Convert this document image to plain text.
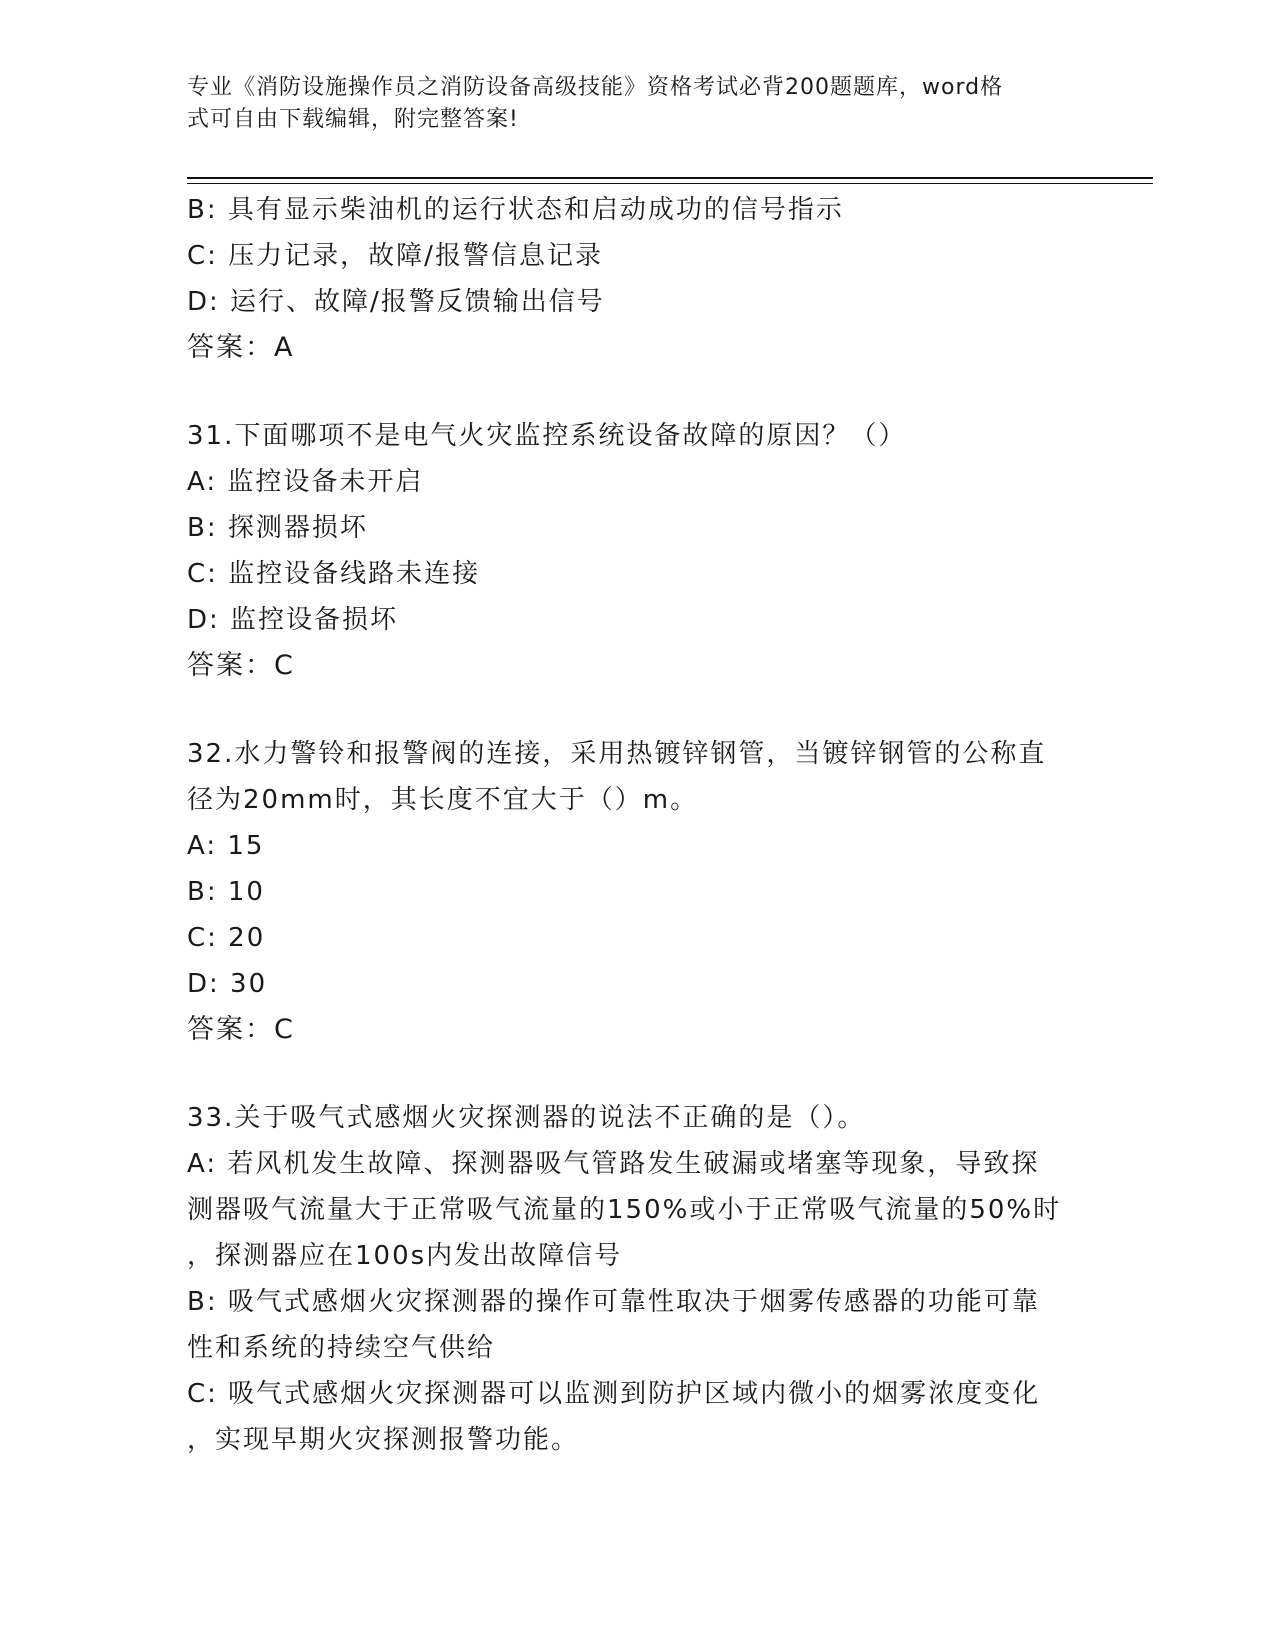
专业《消防设施操作员之消防设备高级技能》资格考试必背200题题库，word格
式可自由下载编辑，附完整答案!
B: 具有显示柴油机的运行状态和启动成功的信号指示
C: 压力记录，故障/报警信息记录
D: 运行、故障/报警反馈输出信号
答案：A
31.下面哪项不是电气火灾监控系统设备故障的原因？（）
A: 监控设备未开启
B: 探测器损坏
C: 监控设备线路未连接
D: 监控设备损坏
答案：C
32.水力警铃和报警阀的连接，采用热镀锌钢管，当镀锌钢管的公称直
径为20mm时，其长度不宜大于（）m。
A: 15
B: 10
C: 20
D: 30
答案：C
33.关于吸气式感烟火灾探测器的说法不正确的是（）。
A: 若风机发生故障、探测器吸气管路发生破漏或堵塞等现象，导致探
测器吸气流量大于正常吸气流量的150%或小于正常吸气流量的50%时
，探测器应在100s内发出故障信号
B: 吸气式感烟火灾探测器的操作可靠性取决于烟雾传感器的功能可靠
性和系统的持续空气供给
C: 吸气式感烟火灾探测器可以监测到防护区域内微小的烟雾浓度变化
，实现早期火灾探测报警功能。
